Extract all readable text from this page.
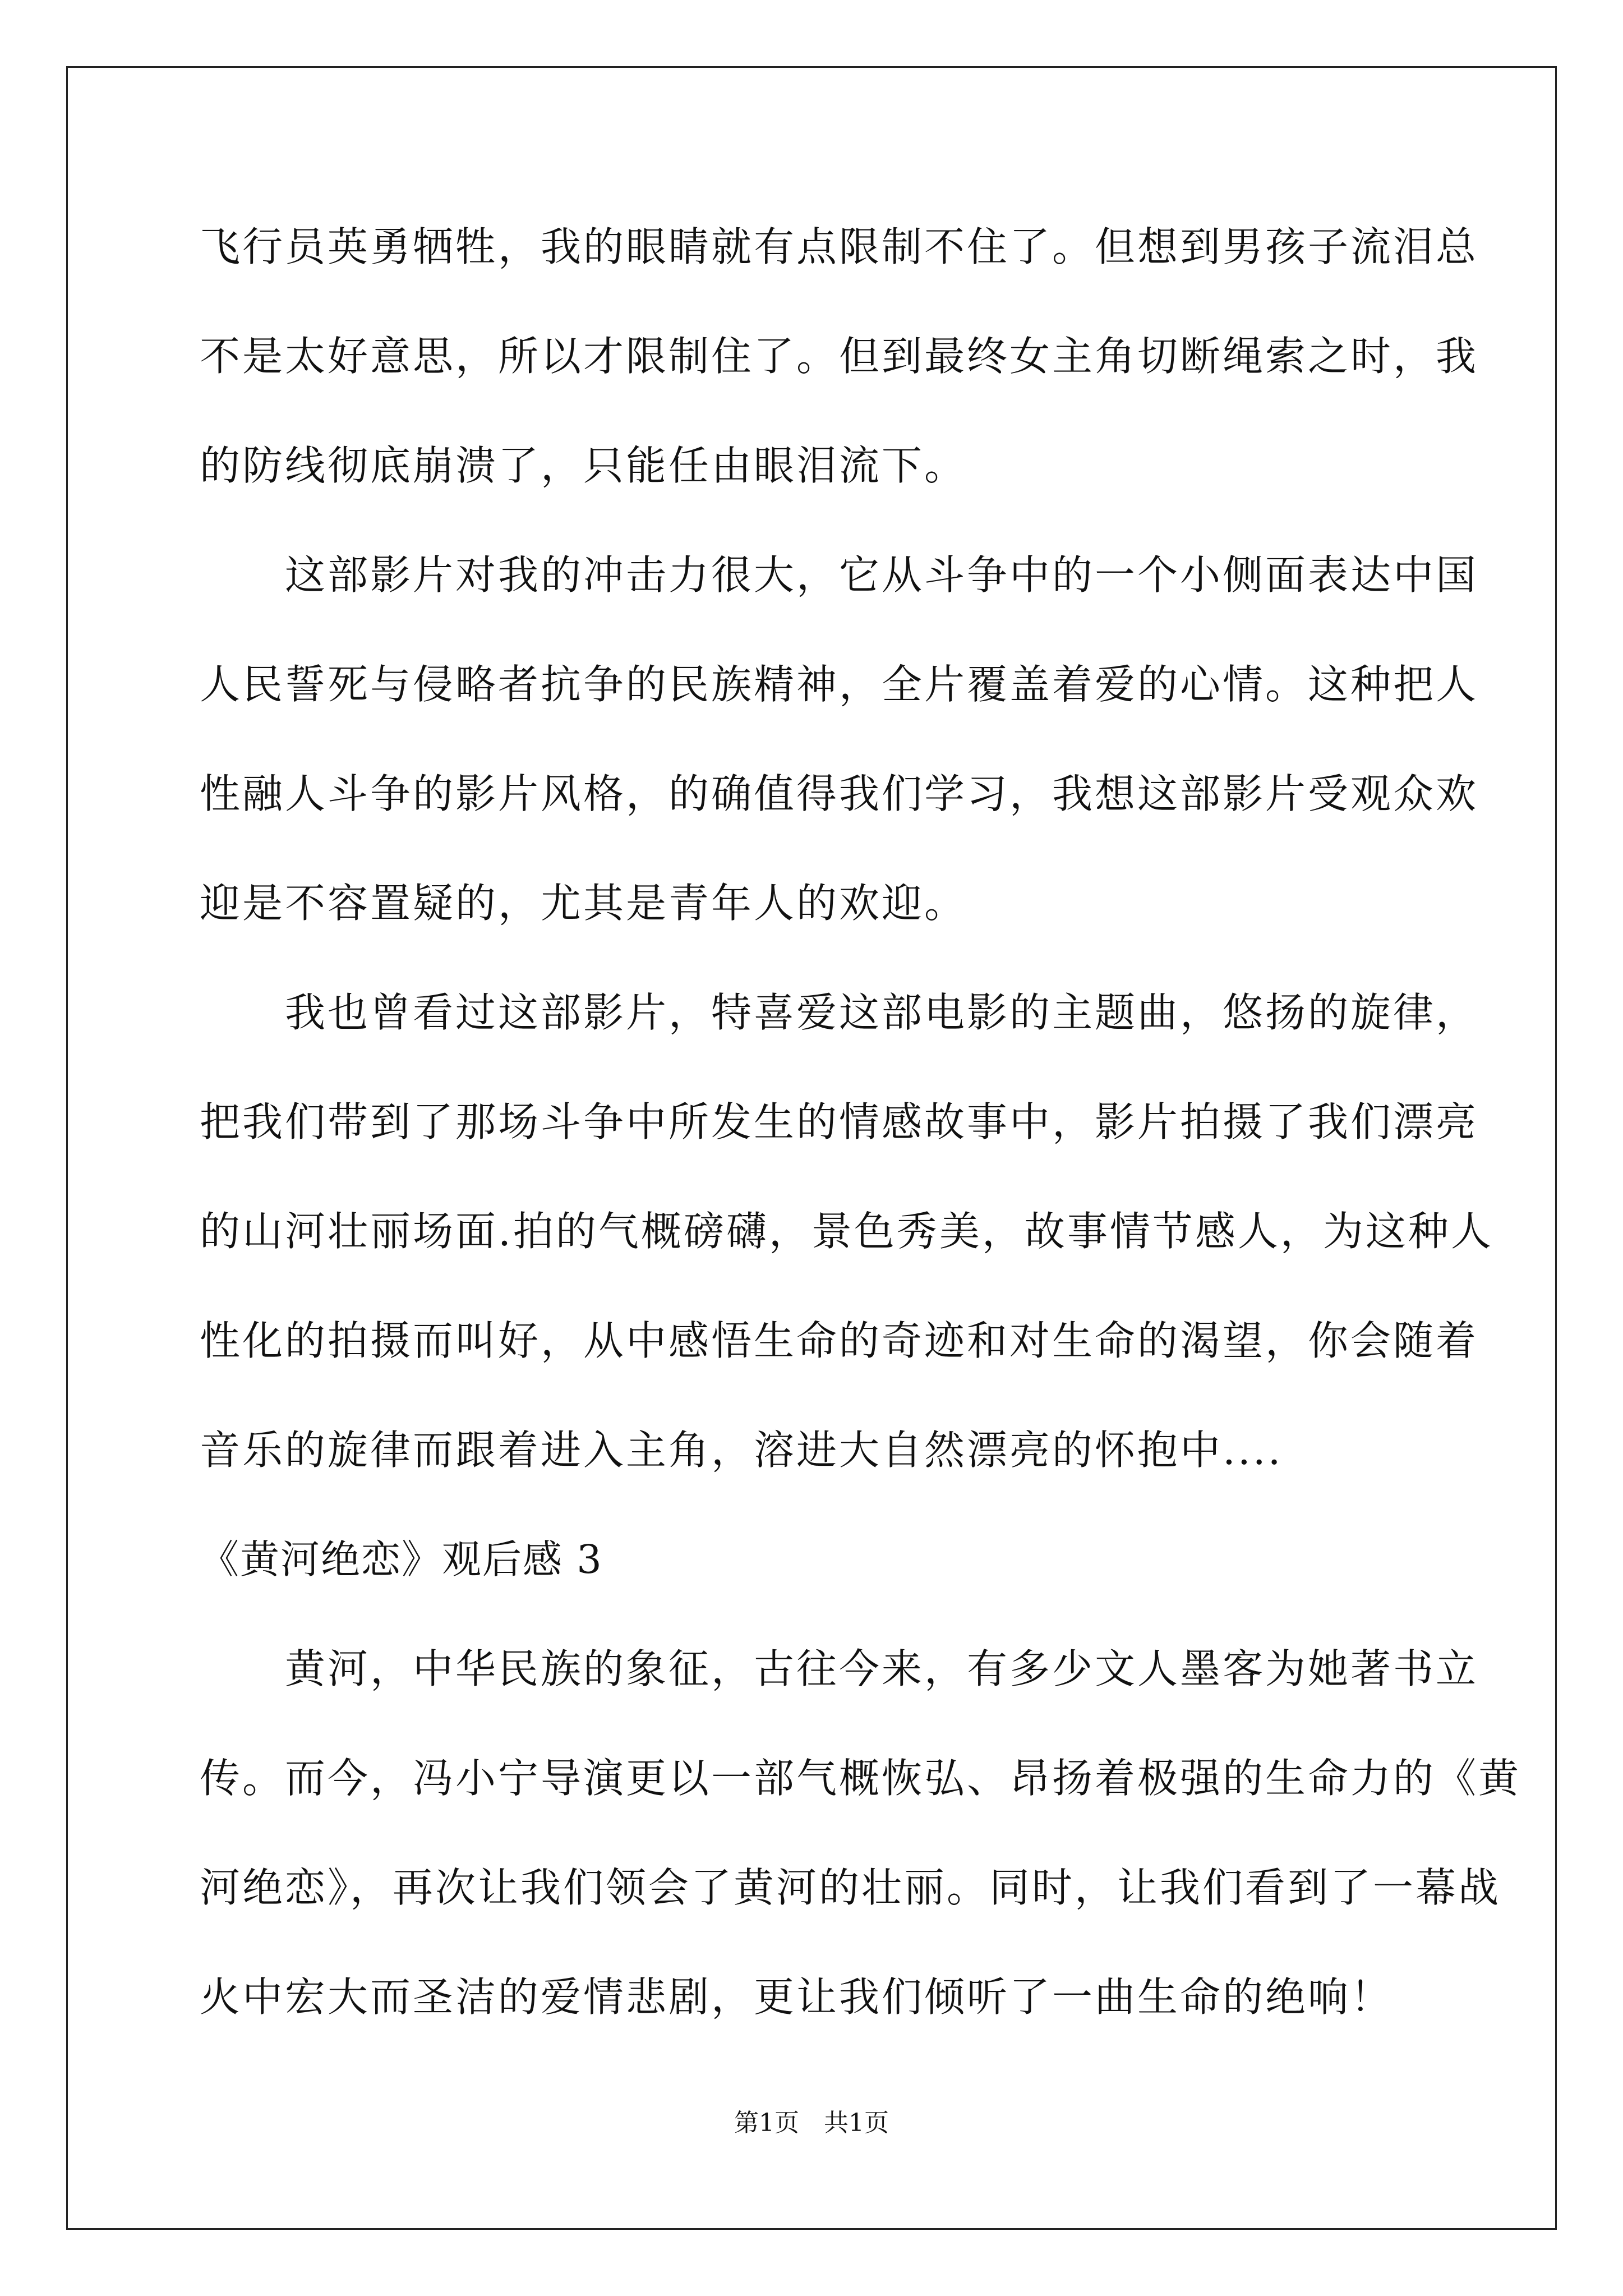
飞行员英勇牺牲，我的眼睛就有点限制不住了。但想到男孩子流泪总
不是太好意思，所以才限制住了。但到最终女主角切断绳索之时，我
的防线彻底崩溃了，只能任由眼泪流下。
　　这部影片对我的冲击力很大，它从斗争中的一个小侧面表达中国
人民誓死与侵略者抗争的民族精神，全片覆盖着爱的心情。这种把人
性融人斗争的影片风格，的确值得我们学习，我想这部影片受观众欢
迎是不容置疑的，尤其是青年人的欢迎。
　　我也曾看过这部影片，特喜爱这部电影的主题曲，悠扬的旋律，
把我们带到了那场斗争中所发生的情感故事中，影片拍摄了我们漂亮
的山河壮丽场面.拍的气概磅礴，景色秀美，故事情节感人，为这种人
性化的拍摄而叫好，从中感悟生命的奇迹和对生命的渴望，你会随着
音乐的旋律而跟着进入主角，溶进大自然漂亮的怀抱中....
《黄河绝恋》观后感 3
　　黄河，中华民族的象征，古往今来，有多少文人墨客为她著书立
传。而今，冯小宁导演更以一部气概恢弘、昂扬着极强的生命力的《黄
河绝恋》，再次让我们领会了黄河的壮丽。同时，让我们看到了一幕战
火中宏大而圣洁的爱情悲剧，更让我们倾听了一曲生命的绝响！
第1页　共1页
